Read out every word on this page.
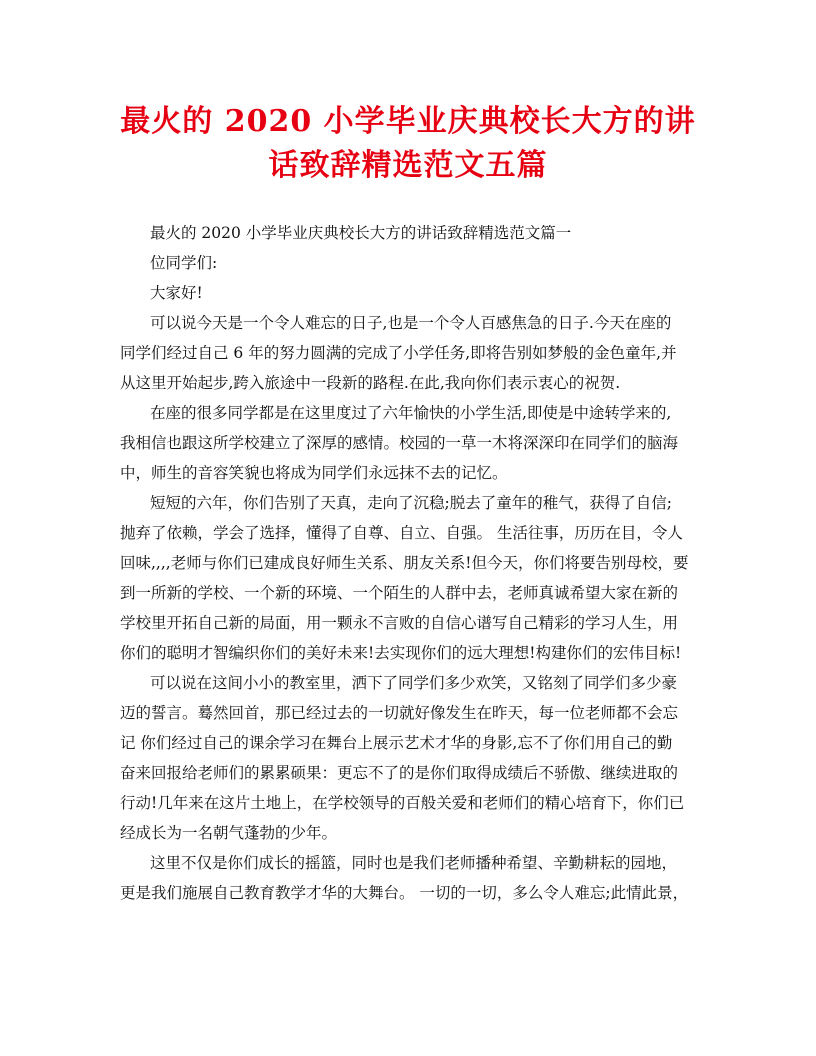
最火的 2020 小学毕业庆典校长大方的讲
话致辞精选范文五篇

最火的 2020 小学毕业庆典校长大方的讲话致辞精选范文篇一

位同学们:

大家好!

可以说今天是一个令人难忘的日子,也是一个令人百感焦急的日子.今天在座的

同学们经过自己 6 年的努力圆满的完成了小学任务,即将告别如梦般的金色童年,并

从这里开始起步,跨入旅途中一段新的路程.在此,我向你们表示衷心的祝贺.

在座的很多同学都是在这里度过了六年愉快的小学生活,即使是中途转学来的,

我相信也跟这所学校建立了深厚的感情。校园的一草一木将深深印在同学们的脑海

中，师生的音容笑貌也将成为同学们永远抹不去的记忆。

短短的六年，你们告别了天真，走向了沉稳;脱去了童年的稚气，获得了自信;

抛弃了依赖，学会了选择，懂得了自尊、自立、自强。 生活往事，历历在目，令人

回味,,,,老师与你们已建成良好师生关系、朋友关系!但今天，你们将要告别母校，要

到一所新的学校、一个新的环境、一个陌生的人群中去，老师真诚希望大家在新的

学校里开拓自己新的局面，用一颗永不言败的自信心谱写自己精彩的学习人生，用

你们的聪明才智编织你们的美好未来!去实现你们的远大理想!构建你们的宏伟目标!

可以说在这间小小的教室里，洒下了同学们多少欢笑，又铭刻了同学们多少豪

迈的誓言。蓦然回首，那已经过去的一切就好像发生在昨天，每一位老师都不会忘

记 你们经过自己的课余学习在舞台上展示艺术才华的身影,忘不了你们用自己的勤

奋来回报给老师们的累累硕果：更忘不了的是你们取得成绩后不骄傲、继续进取的

行动!几年来在这片土地上，在学校领导的百般关爱和老师们的精心培育下，你们已

经成长为一名朝气蓬勃的少年。

这里不仅是你们成长的摇篮，同时也是我们老师播种希望、辛勤耕耘的园地，

更是我们施展自己教育教学才华的大舞台。 一切的一切，多么令人难忘;此情此景，
